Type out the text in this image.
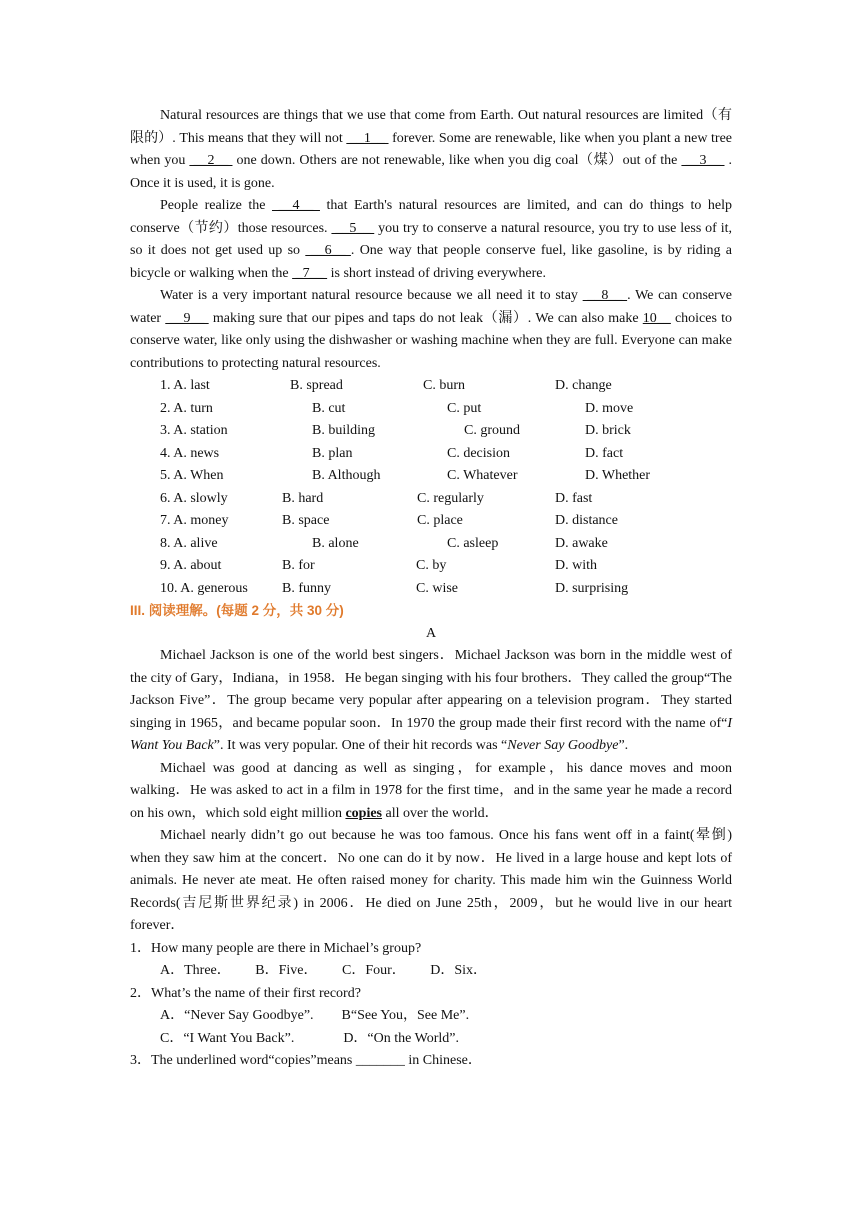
Natural resources are things that we use that come from Earth. Out natural resources are limited（有限的）. This means that they will not  __1__  forever. Some are renewable, like when you plant a new tree when you  __2__  one down. Others are not renewable, like when you dig coal（煤）out of the  __3__  . Once it is used, it is gone.

People realize the  __4__  that Earth's natural resources are limited, and can do things to help conserve（节约）those resources.  __5__  you try to conserve a natural resource, you try to use less of it, so it does not get used up so  __6__ . One way that people conserve fuel, like gasoline, is by riding a bicycle or walking when the  _7__  is short instead of driving everywhere.

Water is a very important natural resource because we all need it to stay  __8__ . We can conserve water  __9__  making sure that our pipes and taps do not leak（漏）. We can also make 10__ choices to conserve water, like only using the dishwasher or washing machine when they are full. Everyone can make contributions to protecting natural resources.

1. A. last	B. spread	C. burn	D. change
2. A. turn	B. cut	C. put	D. move
3. A. station	B. building	C. ground	D. brick
4. A. news	B. plan	C. decision	D. fact
5. A. When	B. Although	C. Whatever	D. Whether
6. A. slowly	B. hard	C. regularly	D. fast
7. A. money	B. space	C. place	D. distance
8. A. alive	B. alone	C. asleep	D. awake
9. A. about	B. for	C. by	D. with
10. A. generous	B. funny	C. wise	D. surprising
III. 阅读理解。(每题 2 分，共 30 分)
A

Michael Jackson is one of the world best singers．Michael Jackson was born in the middle west of the city of Gary，Indiana，in 1958．He began singing with his four brothers．They called the group“The Jackson Five”．The group became very popular after appearing on a television program．They started singing in 1965，and became popular soon．In 1970 the group made their first record with the name of“I Want You Back”. It was very popular. One of their hit records was “Never Say Goodbye”.

Michael was good at dancing as well as singing，for example，his dance moves and moon walking．He was asked to act in a film in 1978 for the first time，and in the same year he made a record on his own，which sold eight million copies all over the world．

Michael nearly didn’t go out because he was too famous. Once his fans went off in a faint(晕倒) when they saw him at the concert．No one can do it by now．He lived in a large house and kept lots of animals. He never ate meat. He often raised money for charity. This made him win the Guinness World Records(吉尼斯世界纪录) in 2006．He died on June 25th，2009，but he would live in our heart forever．

1．How many people are there in Michael’s group?

A．Three．       B．Five．       C．Four．       D．Six．

2．What’s the name of their first record?

A．“Never Say Goodbye”.        B“See You，See Me”.
C．“I Want You Back”.              D．“On the World”.

3．The underlined word“copies”means _______ in Chinese．
